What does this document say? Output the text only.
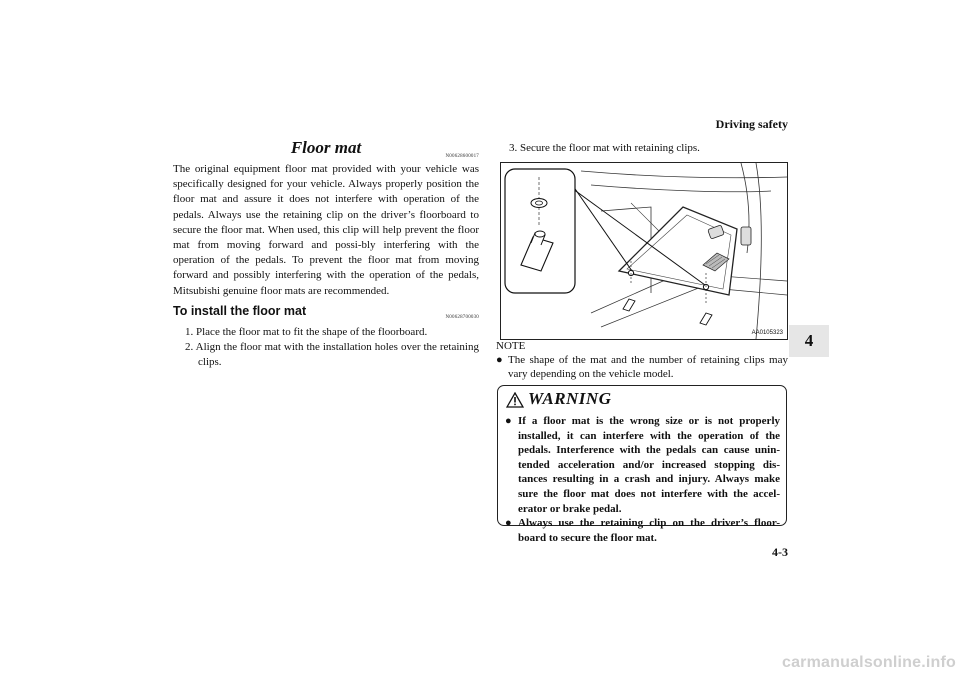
Driving safety
4-3
4
Floor mat	N00628600017

The original equipment floor mat provided with your vehicle was specifically designed for your vehicle. Always properly position the floor mat and assure it does not interfere with operation of the pedals. Always use the retaining clip on the driver’s floorboard to secure the floor mat. When used, this clip will help prevent the floor mat from moving forward and possi-bly interfering with the operation of the pedals. To prevent the floor mat from moving forward and possibly interfering with the operation of the pedals, Mitsubishi genuine floor mats are recommended.

To install the floor mat	N00628700030
1. Place the floor mat to fit the shape of the floorboard.
2. Align the floor mat with the installation holes over the retaining clips.
3. Secure the floor mat with retaining clips.
AA0105323
NOTE
● The shape of the mat and the number of retaining clips may vary depending on the vehicle model.
WARNING
● If a floor mat is the wrong size or is not properly installed, it can interfere with the operation of the pedals. Interference with the pedals can cause unin-tended acceleration and/or increased stopping dis-tances resulting in a crash and injury. Always make sure the floor mat does not interfere with the accel-erator or brake pedal.
● Always use the retaining clip on the driver’s floor-board to secure the floor mat.
carmanualsonline.info
